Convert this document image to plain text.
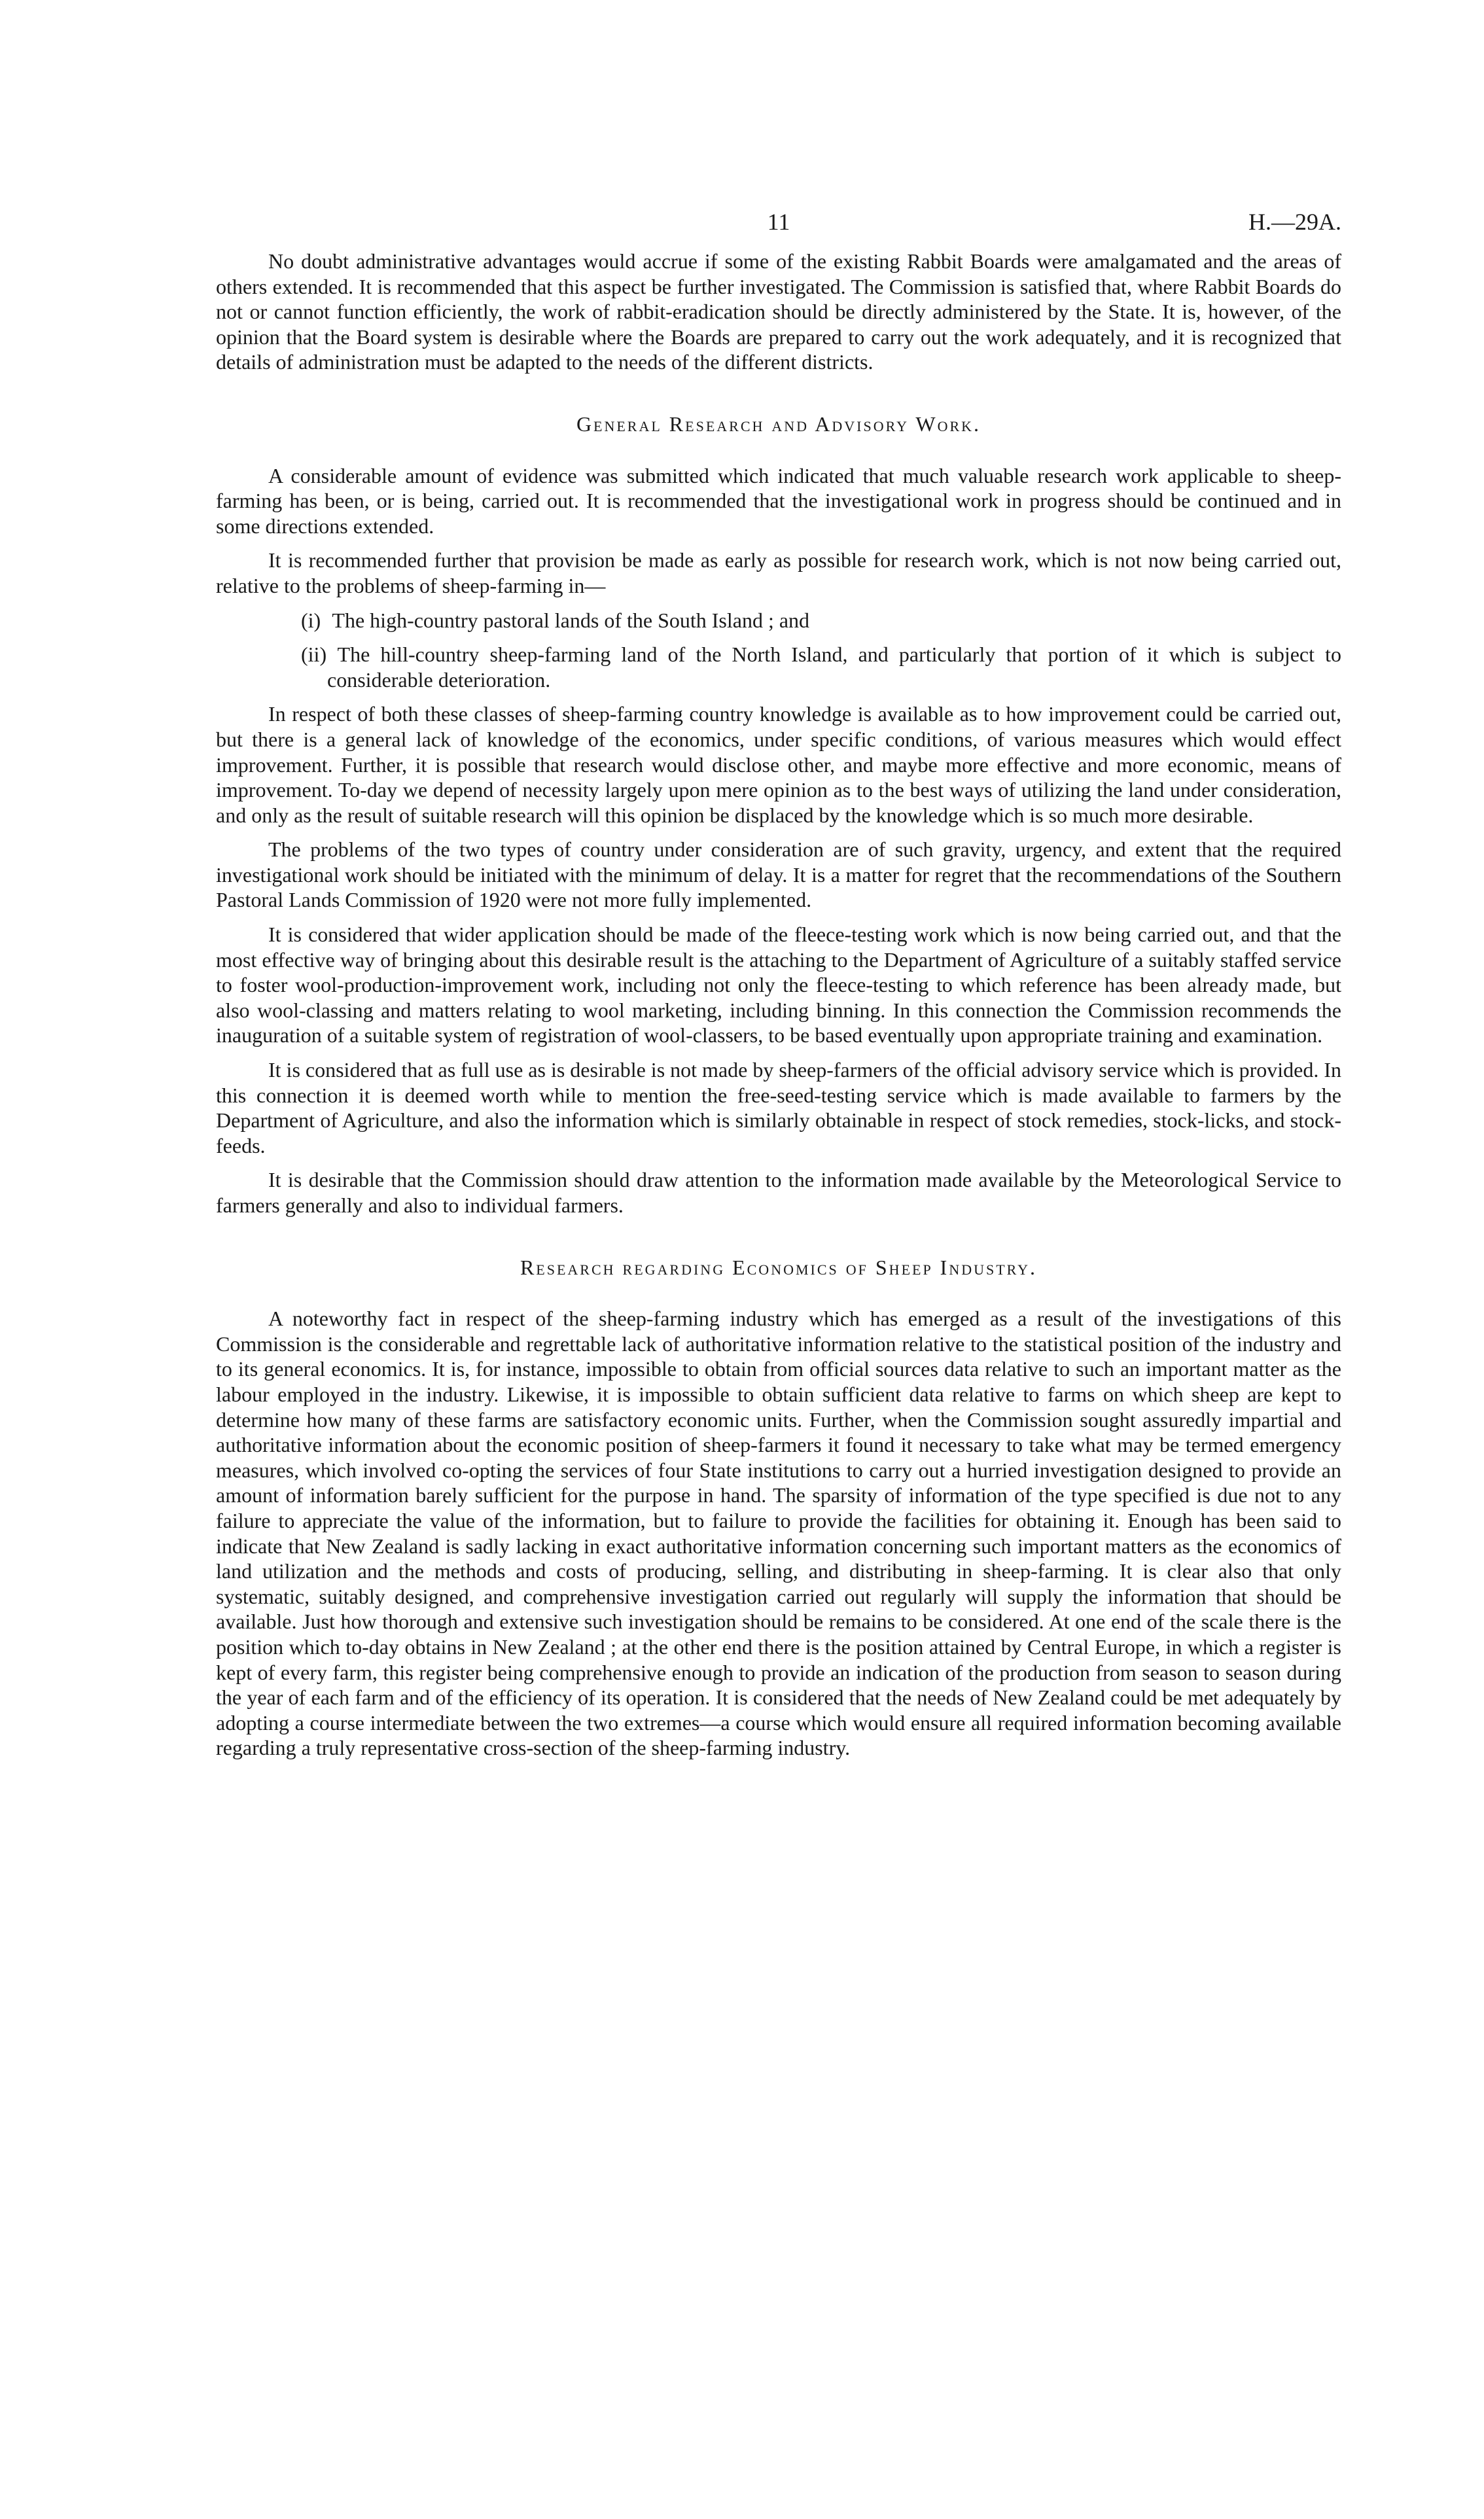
11	H.—29A.

No doubt administrative advantages would accrue if some of the existing Rabbit Boards were amalgamated and the areas of others extended. It is recommended that this aspect be further investigated. The Commission is satisfied that, where Rabbit Boards do not or cannot function efficiently, the work of rabbit-eradication should be directly administered by the State. It is, however, of the opinion that the Board system is desirable where the Boards are prepared to carry out the work adequately, and it is recognized that details of administration must be adapted to the needs of the different districts.

General Research and Advisory Work.

A considerable amount of evidence was submitted which indicated that much valuable research work applicable to sheep-farming has been, or is being, carried out. It is recommended that the investigational work in progress should be continued and in some directions extended.

It is recommended further that provision be made as early as possible for research work, which is not now being carried out, relative to the problems of sheep-farming in—

(i) The high-country pastoral lands of the South Island ; and
(ii) The hill-country sheep-farming land of the North Island, and particularly that portion of it which is subject to considerable deterioration.

In respect of both these classes of sheep-farming country knowledge is available as to how improvement could be carried out, but there is a general lack of knowledge of the economics, under specific conditions, of various measures which would effect improvement. Further, it is possible that research would disclose other, and maybe more effective and more economic, means of improvement. To-day we depend of necessity largely upon mere opinion as to the best ways of utilizing the land under consideration, and only as the result of suitable research will this opinion be displaced by the knowledge which is so much more desirable.

The problems of the two types of country under consideration are of such gravity, urgency, and extent that the required investigational work should be initiated with the minimum of delay. It is a matter for regret that the recommendations of the Southern Pastoral Lands Commission of 1920 were not more fully implemented.

It is considered that wider application should be made of the fleece-testing work which is now being carried out, and that the most effective way of bringing about this desirable result is the attaching to the Department of Agriculture of a suitably staffed service to foster wool-production-improvement work, including not only the fleece-testing to which reference has been already made, but also wool-classing and matters relating to wool marketing, including binning. In this connection the Commission recommends the inauguration of a suitable system of registration of wool-classers, to be based eventually upon appropriate training and examination.

It is considered that as full use as is desirable is not made by sheep-farmers of the official advisory service which is provided. In this connection it is deemed worth while to mention the free-seed-testing service which is made available to farmers by the Department of Agriculture, and also the information which is similarly obtainable in respect of stock remedies, stock-licks, and stock-feeds.

It is desirable that the Commission should draw attention to the information made available by the Meteorological Service to farmers generally and also to individual farmers.

Research regarding Economics of Sheep Industry.

A noteworthy fact in respect of the sheep-farming industry which has emerged as a result of the investigations of this Commission is the considerable and regrettable lack of authoritative information relative to the statistical position of the industry and to its general economics. It is, for instance, impossible to obtain from official sources data relative to such an important matter as the labour employed in the industry. Likewise, it is impossible to obtain sufficient data relative to farms on which sheep are kept to determine how many of these farms are satisfactory economic units. Further, when the Commission sought assuredly impartial and authoritative information about the economic position of sheep-farmers it found it necessary to take what may be termed emergency measures, which involved co-opting the services of four State institutions to carry out a hurried investigation designed to provide an amount of information barely sufficient for the purpose in hand. The sparsity of information of the type specified is due not to any failure to appreciate the value of the information, but to failure to provide the facilities for obtaining it. Enough has been said to indicate that New Zealand is sadly lacking in exact authoritative information concerning such important matters as the economics of land utilization and the methods and costs of producing, selling, and distributing in sheep-farming. It is clear also that only systematic, suitably designed, and comprehensive investigation carried out regularly will supply the information that should be available. Just how thorough and extensive such investigation should be remains to be considered. At one end of the scale there is the position which to-day obtains in New Zealand ; at the other end there is the position attained by Central Europe, in which a register is kept of every farm, this register being comprehensive enough to provide an indication of the production from season to season during the year of each farm and of the efficiency of its operation. It is considered that the needs of New Zealand could be met adequately by adopting a course intermediate between the two extremes—a course which would ensure all required information becoming available regarding a truly representative cross-section of the sheep-farming industry.
